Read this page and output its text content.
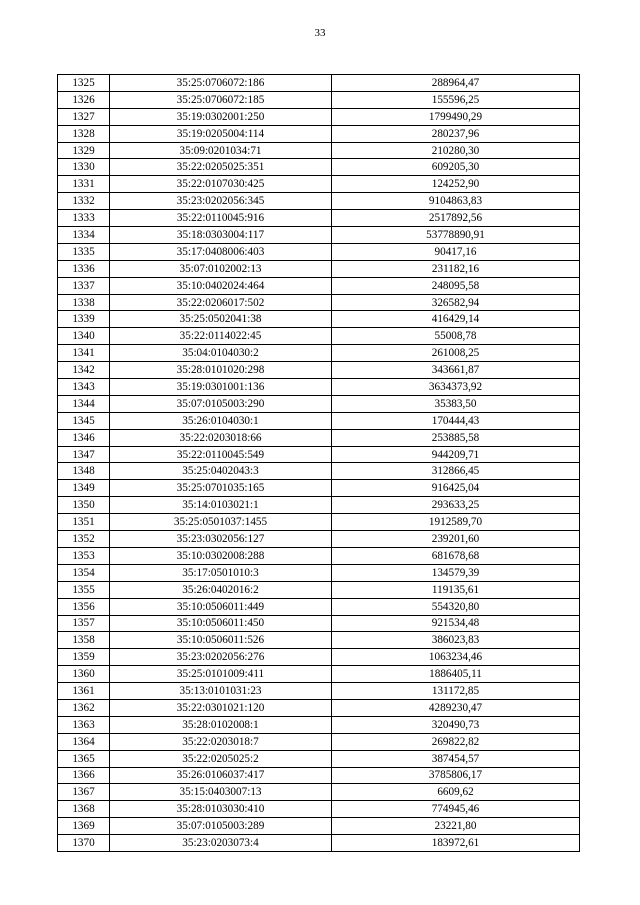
33
1325	35:25:0706072:186	288964,47
1326	35:25:0706072:185	155596,25
1327	35:19:0302001:250	1799490,29
1328	35:19:0205004:114	280237,96
1329	35:09:0201034:71	210280,30
1330	35:22:0205025:351	609205,30
1331	35:22:0107030:425	124252,90
1332	35:23:0202056:345	9104863,83
1333	35:22:0110045:916	2517892,56
1334	35:18:0303004:117	53778890,91
1335	35:17:0408006:403	90417,16
1336	35:07:0102002:13	231182,16
1337	35:10:0402024:464	248095,58
1338	35:22:0206017:502	326582,94
1339	35:25:0502041:38	416429,14
1340	35:22:0114022:45	55008,78
1341	35:04:0104030:2	261008,25
1342	35:28:0101020:298	343661,87
1343	35:19:0301001:136	3634373,92
1344	35:07:0105003:290	35383,50
1345	35:26:0104030:1	170444,43
1346	35:22:0203018:66	253885,58
1347	35:22:0110045:549	944209,71
1348	35:25:0402043:3	312866,45
1349	35:25:0701035:165	916425,04
1350	35:14:0103021:1	293633,25
1351	35:25:0501037:1455	1912589,70
1352	35:23:0302056:127	239201,60
1353	35:10:0302008:288	681678,68
1354	35:17:0501010:3	134579,39
1355	35:26:0402016:2	119135,61
1356	35:10:0506011:449	554320,80
1357	35:10:0506011:450	921534,48
1358	35:10:0506011:526	386023,83
1359	35:23:0202056:276	1063234,46
1360	35:25:0101009:411	1886405,11
1361	35:13:0101031:23	131172,85
1362	35:22:0301021:120	4289230,47
1363	35:28:0102008:1	320490,73
1364	35:22:0203018:7	269822,82
1365	35:22:0205025:2	387454,57
1366	35:26:0106037:417	3785806,17
1367	35:15:0403007:13	6609,62
1368	35:28:0103030:410	774945,46
1369	35:07:0105003:289	23221,80
1370	35:23:0203073:4	183972,61
